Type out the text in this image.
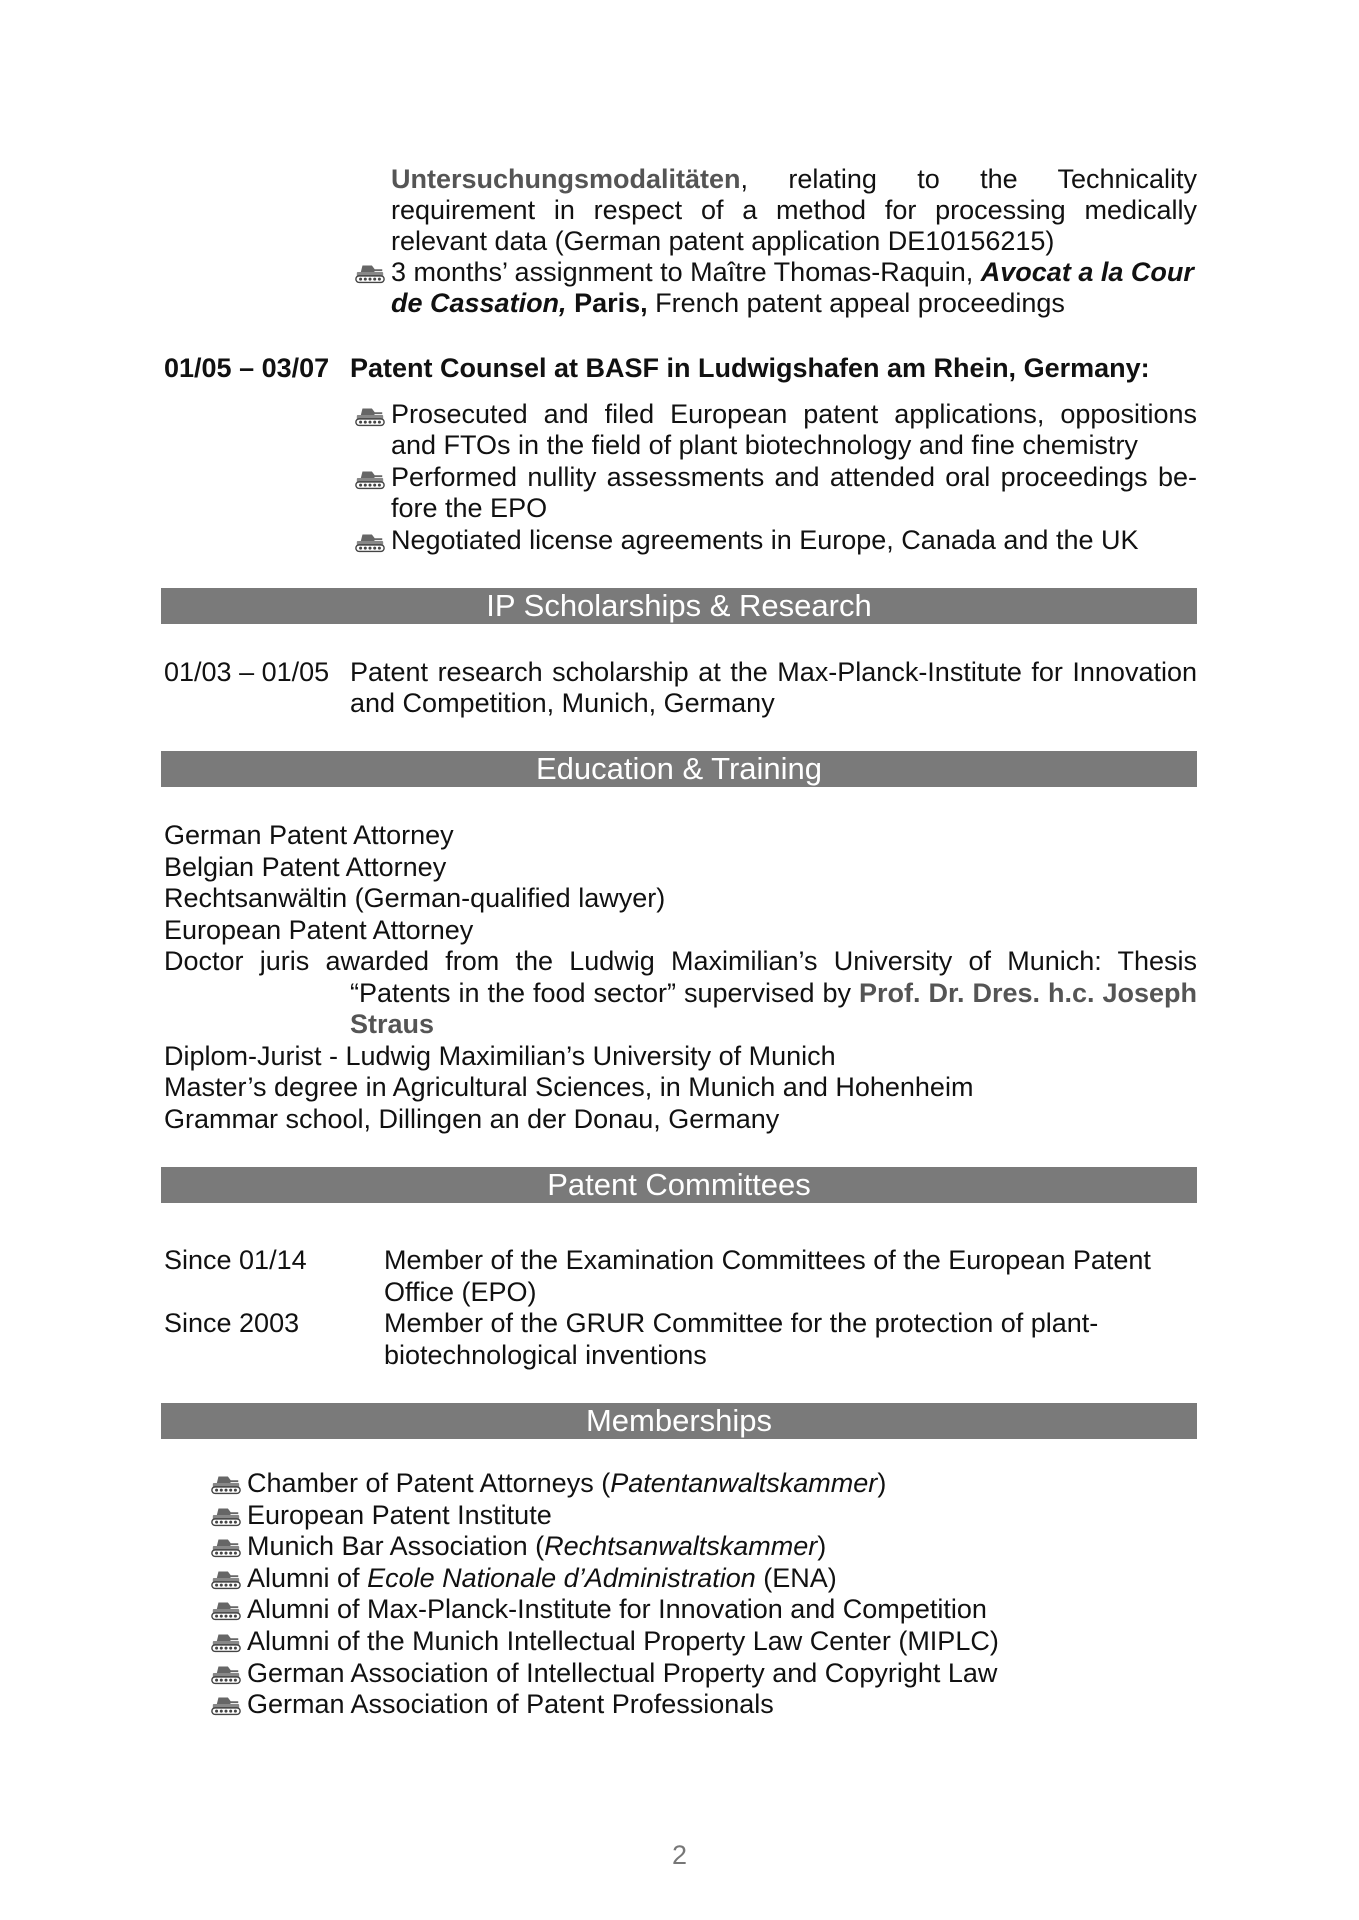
Untersuchungsmodalitäten, relating to the Technicality requirement in respect of a method for processing medically relevant data (German patent application DE10156215)
3 months’ assignment to Maître Thomas-Raquin, Avocat a la Cour de Cassation, Paris, French patent appeal proceedings
01/05 – 03/07 Patent Counsel at BASF in Ludwigshafen am Rhein, Germany:
Prosecuted and filed European patent applications, oppositions and FTOs in the field of plant biotechnology and fine chemistry
Performed nullity assessments and attended oral proceedings be-fore the EPO
Negotiated license agreements in Europe, Canada and the UK
IP Scholarships & Research
01/03 – 01/05 Patent research scholarship at the Max-Planck-Institute for Innovation and Competition, Munich, Germany
Education & Training
German Patent Attorney
Belgian Patent Attorney
Rechtsanwältin (German-qualified lawyer)
European Patent Attorney
Doctor juris awarded from the Ludwig Maximilian’s University of Munich: Thesis
“Patents in the food sector” supervised by Prof. Dr. Dres. h.c. Joseph
Straus
Diplom-Jurist - Ludwig Maximilian’s University of Munich
Master’s degree in Agricultural Sciences, in Munich and Hohenheim
Grammar school, Dillingen an der Donau, Germany
Patent Committees
Since 01/14	Member of the Examination Committees of the European Patent
Office (EPO)
Since 2003	Member of the GRUR Committee for the protection of plant-
biotechnological inventions
Memberships
Chamber of Patent Attorneys (Patentanwaltskammer)
European Patent Institute
Munich Bar Association (Rechtsanwaltskammer)
Alumni of Ecole Nationale d’Administration (ENA)
Alumni of Max-Planck-Institute for Innovation and Competition
Alumni of the Munich Intellectual Property Law Center (MIPLC)
German Association of Intellectual Property and Copyright Law
German Association of Patent Professionals
2
